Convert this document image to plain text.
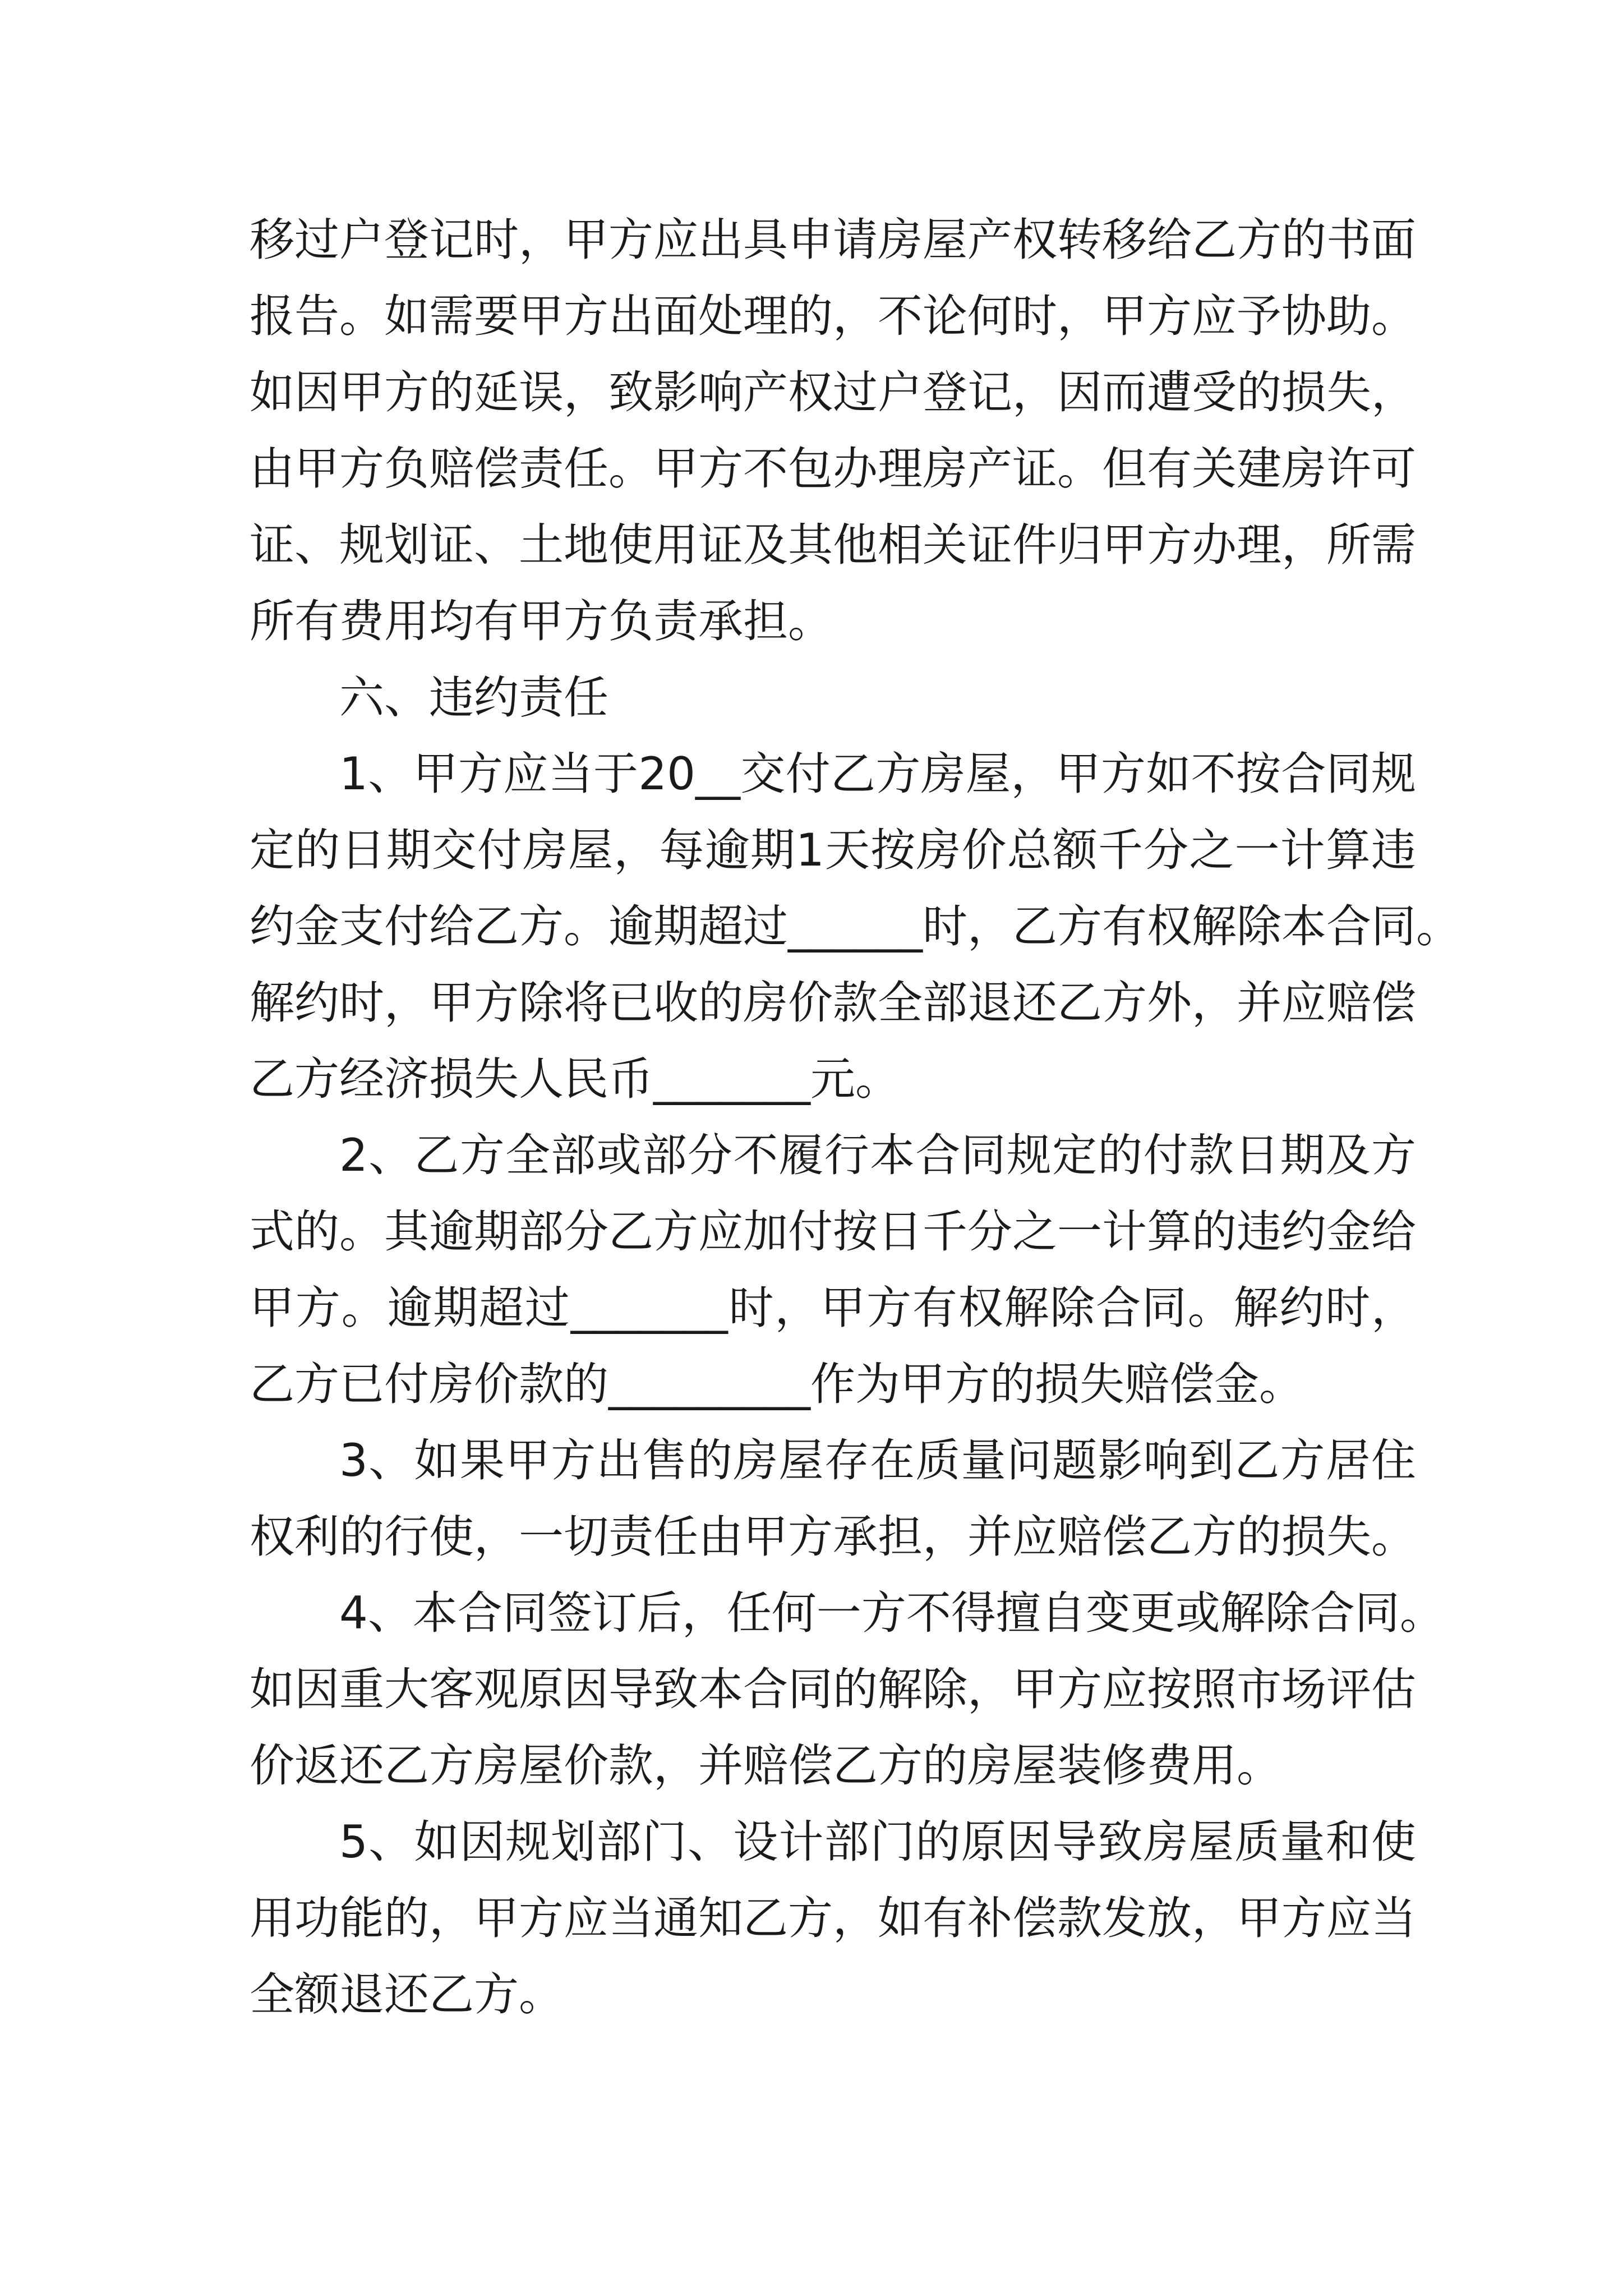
移过户登记时，甲方应出具申请房屋产权转移给乙方的书面
报告。如需要甲方出面处理的，不论何时，甲方应予协助。
如因甲方的延误，致影响产权过户登记，因而遭受的损失，
由甲方负赔偿责任。甲方不包办理房产证。但有关建房许可
证、规划证、土地使用证及其他相关证件归甲方办理，所需
所有费用均有甲方负责承担。
六、违约责任
1、甲方应当于20__交付乙方房屋，甲方如不按合同规
定的日期交付房屋，每逾期1天按房价总额千分之一计算违
约金支付给乙方。逾期超过______时，乙方有权解除本合同。
解约时，甲方除将已收的房价款全部退还乙方外，并应赔偿
乙方经济损失人民币_______元。
2、乙方全部或部分不履行本合同规定的付款日期及方
式的。其逾期部分乙方应加付按日千分之一计算的违约金给
甲方。逾期超过_______时，甲方有权解除合同。解约时，
乙方已付房价款的_________作为甲方的损失赔偿金。
3、如果甲方出售的房屋存在质量问题影响到乙方居住
权利的行使，一切责任由甲方承担，并应赔偿乙方的损失。
4、本合同签订后，任何一方不得擅自变更或解除合同。
如因重大客观原因导致本合同的解除，甲方应按照市场评估
价返还乙方房屋价款，并赔偿乙方的房屋装修费用。
5、如因规划部门、设计部门的原因导致房屋质量和使
用功能的，甲方应当通知乙方，如有补偿款发放，甲方应当
全额退还乙方。
